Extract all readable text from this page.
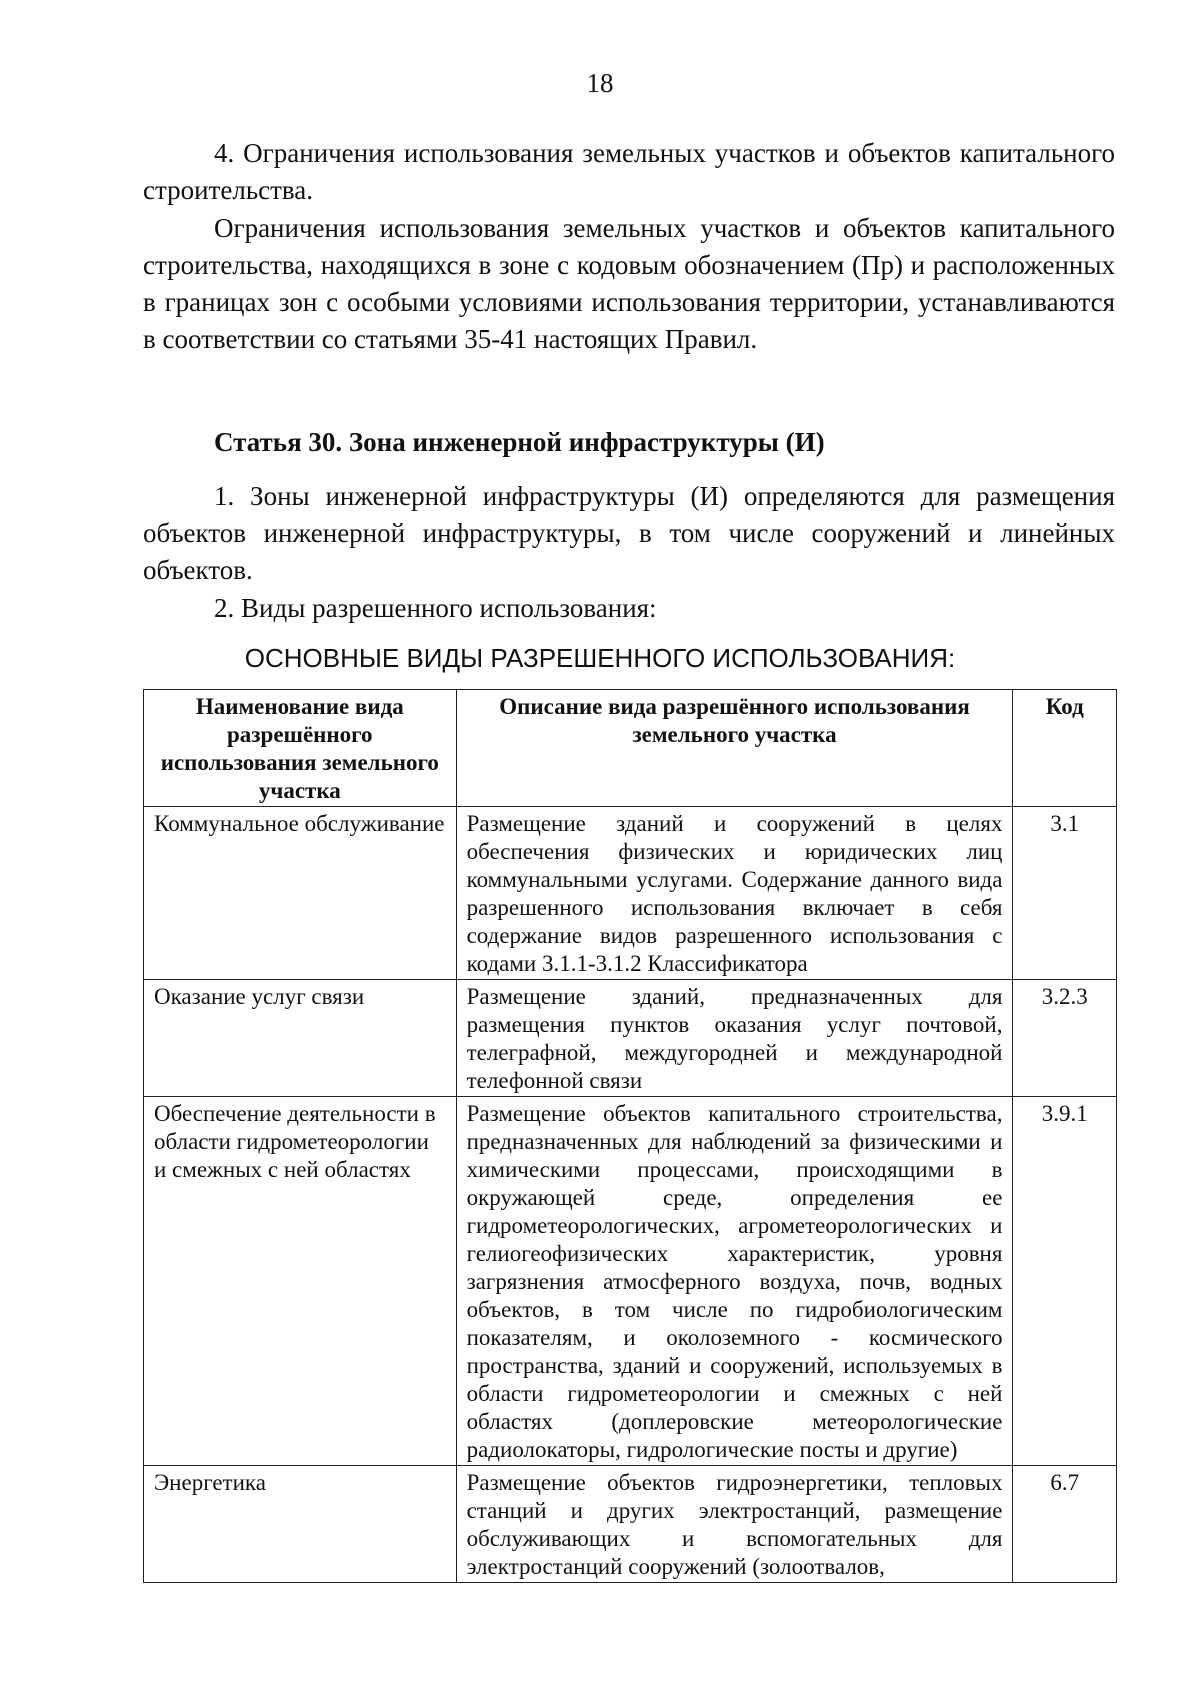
18

4. Ограничения использования земельных участков и объектов капитального строительства.

Ограничения использования земельных участков и объектов капитального строительства, находящихся в зоне с кодовым обозначением (Пр) и расположенных в границах зон с особыми условиями использования территории, устанавливаются в соответствии со статьями 35-41 настоящих Правил.

Статья 30. Зона инженерной инфраструктуры (И)

1. Зоны инженерной инфраструктуры (И) определяются для размещения объектов инженерной инфраструктуры, в том числе сооружений и линейных объектов.

2. Виды разрешенного использования:

ОСНОВНЫЕ ВИДЫ РАЗРЕШЕННОГО ИСПОЛЬЗОВАНИЯ:

Наименование вида разрешённого использования земельного участка	Описание вида разрешённого использования земельного участка	Код
Коммунальное обслуживание	Размещение зданий и сооружений в целях обеспечения физических и юридических лиц коммунальными услугами. Содержание данного вида разрешенного использования включает в себя содержание видов разрешенного использования с кодами 3.1.1-3.1.2 Классификатора	3.1
Оказание услуг связи	Размещение зданий, предназначенных для размещения пунктов оказания услуг почтовой, телеграфной, междугородней и международной телефонной связи	3.2.3
Обеспечение деятельности в области гидрометеорологии и смежных с ней областях	Размещение объектов капитального строительства, предназначенных для наблюдений за физическими и химическими процессами, происходящими в окружающей среде, определения ее гидрометеорологических, агрометеорологических и гелиогеофизических характеристик, уровня загрязнения атмосферного воздуха, почв, водных объектов, в том числе по гидробиологическим показателям, и околоземного - космического пространства, зданий и сооружений, используемых в области гидрометеорологии и смежных с ней областях (доплеровские метеорологические радиолокаторы, гидрологические посты и другие)	3.9.1
Энергетика	Размещение объектов гидроэнергетики, тепловых станций и других электростанций, размещение обслуживающих и вспомогательных для электростанций сооружений (золоотвалов,	6.7
